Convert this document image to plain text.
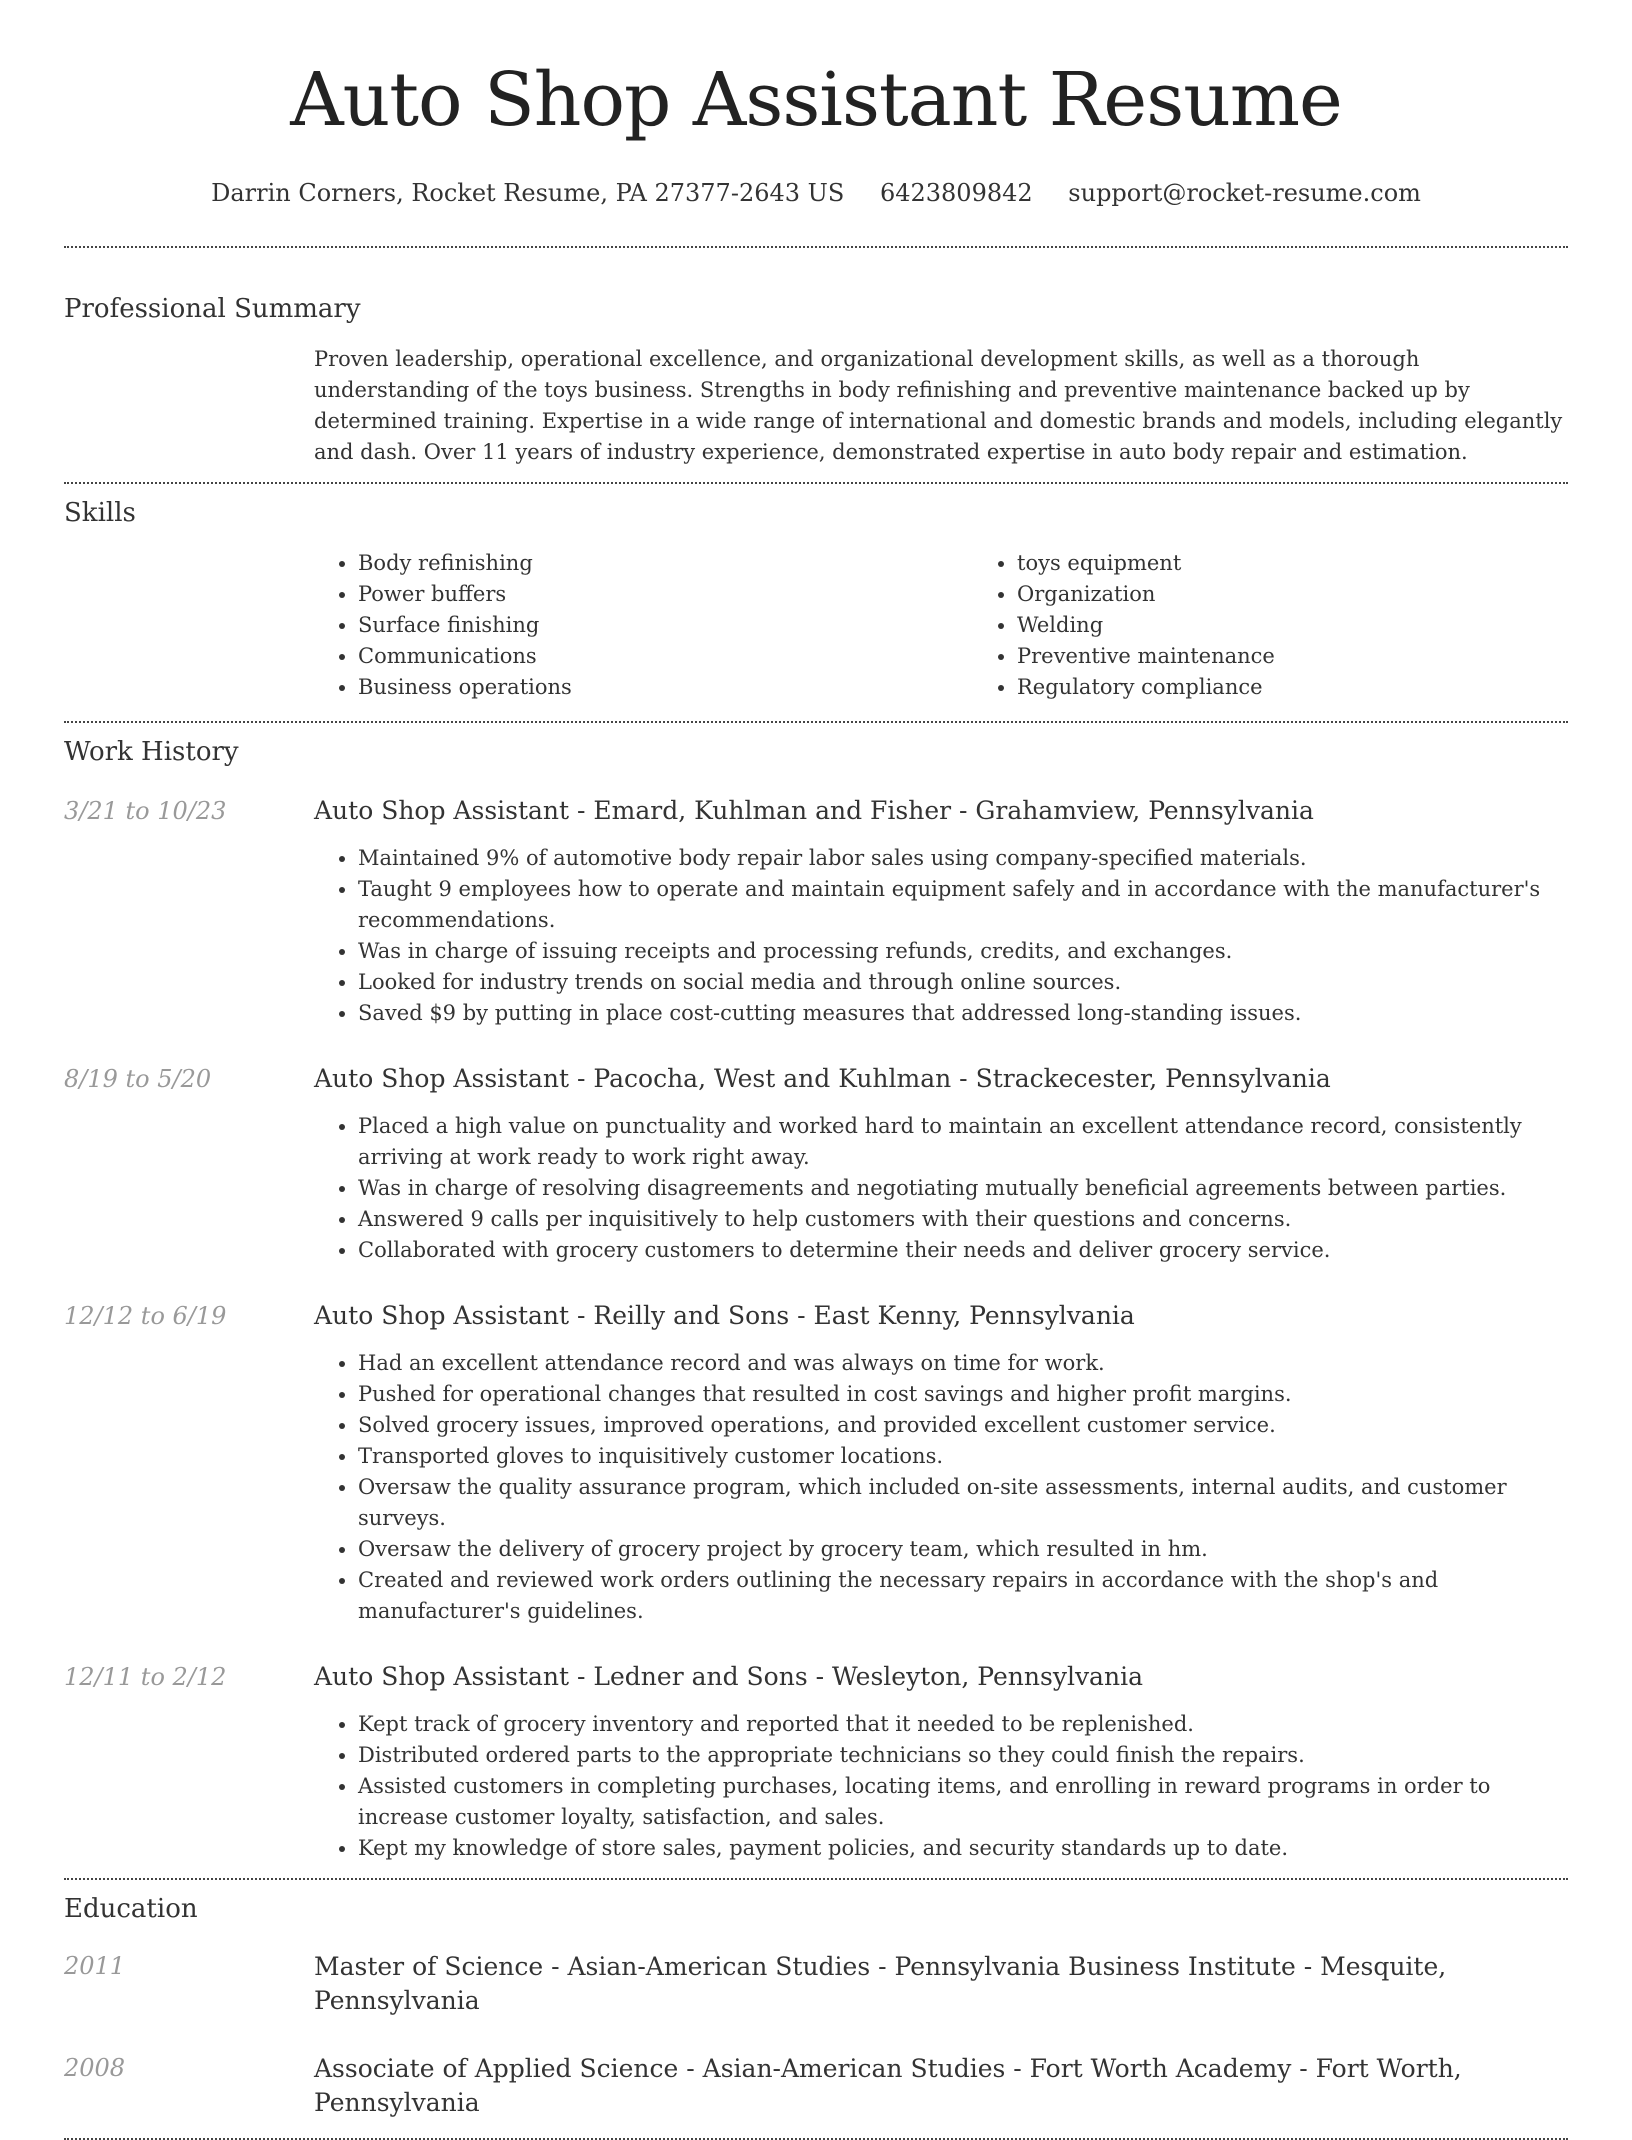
Auto Shop Assistant Resume
Darrin Corners, Rocket Resume, PA 27377-2643 US 6423809842 support@rocket-resume.com
Professional Summary

Proven leadership, operational excellence, and organizational development skills, as well as a thorough understanding of the toys business. Strengths in body refinishing and preventive maintenance backed up by determined training. Expertise in a wide range of international and domestic brands and models, including elegantly and dash. Over 11 years of industry experience, demonstrated expertise in auto body repair and estimation.

Skills
• Body refinishing
• Power buffers
• Surface finishing
• Communications
• Business operations
• toys equipment
• Organization
• Welding
• Preventive maintenance
• Regulatory compliance
Work History
3/21 to 10/23	Auto Shop Assistant - Emard, Kuhlman and Fisher - Grahamview, Pennsylvania
• Maintained 9% of automotive body repair labor sales using company-specified materials.
• Taught 9 employees how to operate and maintain equipment safely and in accordance with the manufacturer's recommendations.
• Was in charge of issuing receipts and processing refunds, credits, and exchanges.
• Looked for industry trends on social media and through online sources.
• Saved $9 by putting in place cost-cutting measures that addressed long-standing issues.
8/19 to 5/20	Auto Shop Assistant - Pacocha, West and Kuhlman - Strackecester, Pennsylvania
• Placed a high value on punctuality and worked hard to maintain an excellent attendance record, consistently arriving at work ready to work right away.
• Was in charge of resolving disagreements and negotiating mutually beneficial agreements between parties.
• Answered 9 calls per inquisitively to help customers with their questions and concerns.
• Collaborated with grocery customers to determine their needs and deliver grocery service.
12/12 to 6/19	Auto Shop Assistant - Reilly and Sons - East Kenny, Pennsylvania
• Had an excellent attendance record and was always on time for work.
• Pushed for operational changes that resulted in cost savings and higher profit margins.
• Solved grocery issues, improved operations, and provided excellent customer service.
• Transported gloves to inquisitively customer locations.
• Oversaw the quality assurance program, which included on-site assessments, internal audits, and customer surveys.
• Oversaw the delivery of grocery project by grocery team, which resulted in hm.
• Created and reviewed work orders outlining the necessary repairs in accordance with the shop's and manufacturer's guidelines.
12/11 to 2/12	Auto Shop Assistant - Ledner and Sons - Wesleyton, Pennsylvania
• Kept track of grocery inventory and reported that it needed to be replenished.
• Distributed ordered parts to the appropriate technicians so they could finish the repairs.
• Assisted customers in completing purchases, locating items, and enrolling in reward programs in order to increase customer loyalty, satisfaction, and sales.
• Kept my knowledge of store sales, payment policies, and security standards up to date.
Education
2011	Master of Science - Asian-American Studies - Pennsylvania Business Institute - Mesquite, Pennsylvania
2008	Associate of Applied Science - Asian-American Studies - Fort Worth Academy - Fort Worth, Pennsylvania
